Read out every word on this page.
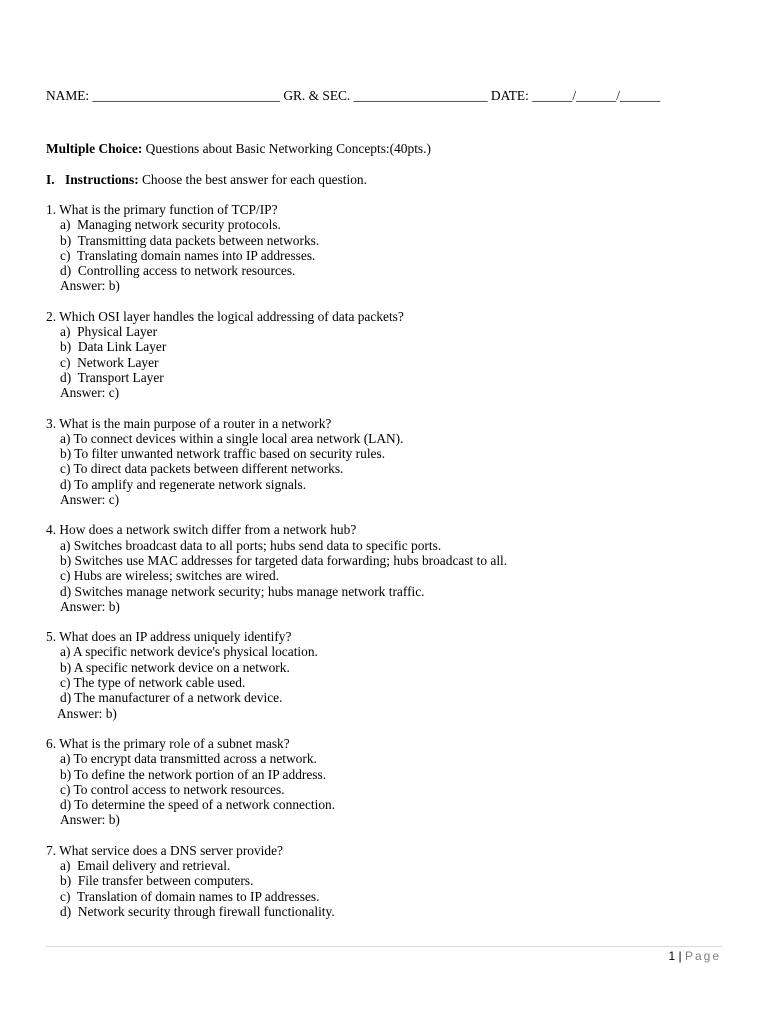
NAME: ____________________________ GR. & SEC. ____________________ DATE: ______/______/______
Multiple Choice: Questions about Basic Networking Concepts:(40pts.)
I. Instructions: Choose the best answer for each question.
1. What is the primary function of TCP/IP?
a)  Managing network security protocols.
b)  Transmitting data packets between networks.
c)  Translating domain names into IP addresses.
d)  Controlling access to network resources.
Answer: b)
2. Which OSI layer handles the logical addressing of data packets?
a)  Physical Layer
b)  Data Link Layer
c)  Network Layer
d)  Transport Layer
Answer: c)
3. What is the main purpose of a router in a network?
a) To connect devices within a single local area network (LAN).
b) To filter unwanted network traffic based on security rules.
c) To direct data packets between different networks.
d) To amplify and regenerate network signals.
Answer: c)
4. How does a network switch differ from a network hub?
a) Switches broadcast data to all ports; hubs send data to specific ports.
b) Switches use MAC addresses for targeted data forwarding; hubs broadcast to all.
c) Hubs are wireless; switches are wired.
d) Switches manage network security; hubs manage network traffic.
Answer: b)
5. What does an IP address uniquely identify?
a) A specific network device's physical location.
b) A specific network device on a network.
c) The type of network cable used.
d) The manufacturer of a network device.
Answer: b)
6. What is the primary role of a subnet mask?
a) To encrypt data transmitted across a network.
b) To define the network portion of an IP address.
c) To control access to network resources.
d) To determine the speed of a network connection.
Answer: b)
7. What service does a DNS server provide?
a)  Email delivery and retrieval.
b)  File transfer between computers.
c)  Translation of domain names to IP addresses.
d)  Network security through firewall functionality.
1 | Page
